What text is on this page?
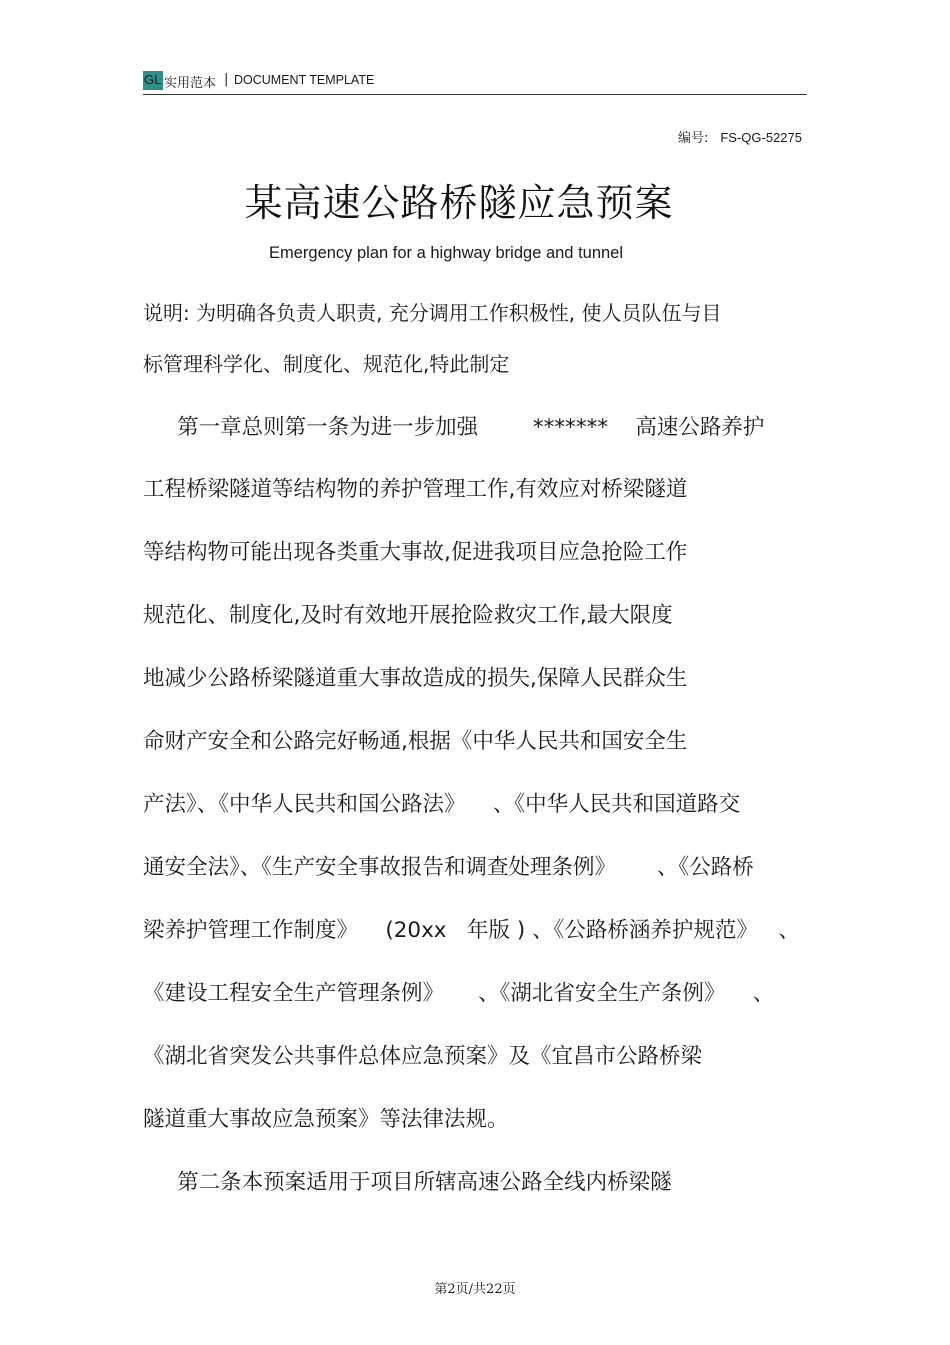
GL 实用范本 | DOCUMENT TEMPLATE
编号: FS-QG-52275
某高速公路桥隧应急预案
Emergency plan for a highway bridge and tunnel
说明: 为明确各负责人职责, 充分调用工作积极性, 使人员队伍与目
标管理科学化、制度化、规范化,特此制定
第一章总则第一条为进一步加强        *******    高速公路养护
工程桥梁隧道等结构物的养护管理工作,有效应对桥梁隧道
等结构物可能出现各类重大事故,促进我项目应急抢险工作
规范化、制度化,及时有效地开展抢险救灾工作,最大限度
地减少公路桥梁隧道重大事故造成的损失,保障人民群众生
命财产安全和公路完好畅通,根据《中华人民共和国安全生
产法》、《中华人民共和国公路法》    、《中华人民共和国道路交
通安全法》、《生产安全事故报告和调查处理条例》      、《公路桥
梁养护管理工作制度》    (20xx   年版 ) 、《公路桥涵养护规范》   、
《建设工程安全生产管理条例》     、《湖北省安全生产条例》    、
《湖北省突发公共事件总体应急预案》及《宜昌市公路桥梁
隧道重大事故应急预案》等法律法规。
第二条本预案适用于项目所辖高速公路全线内桥梁隧
第2页/共22页
